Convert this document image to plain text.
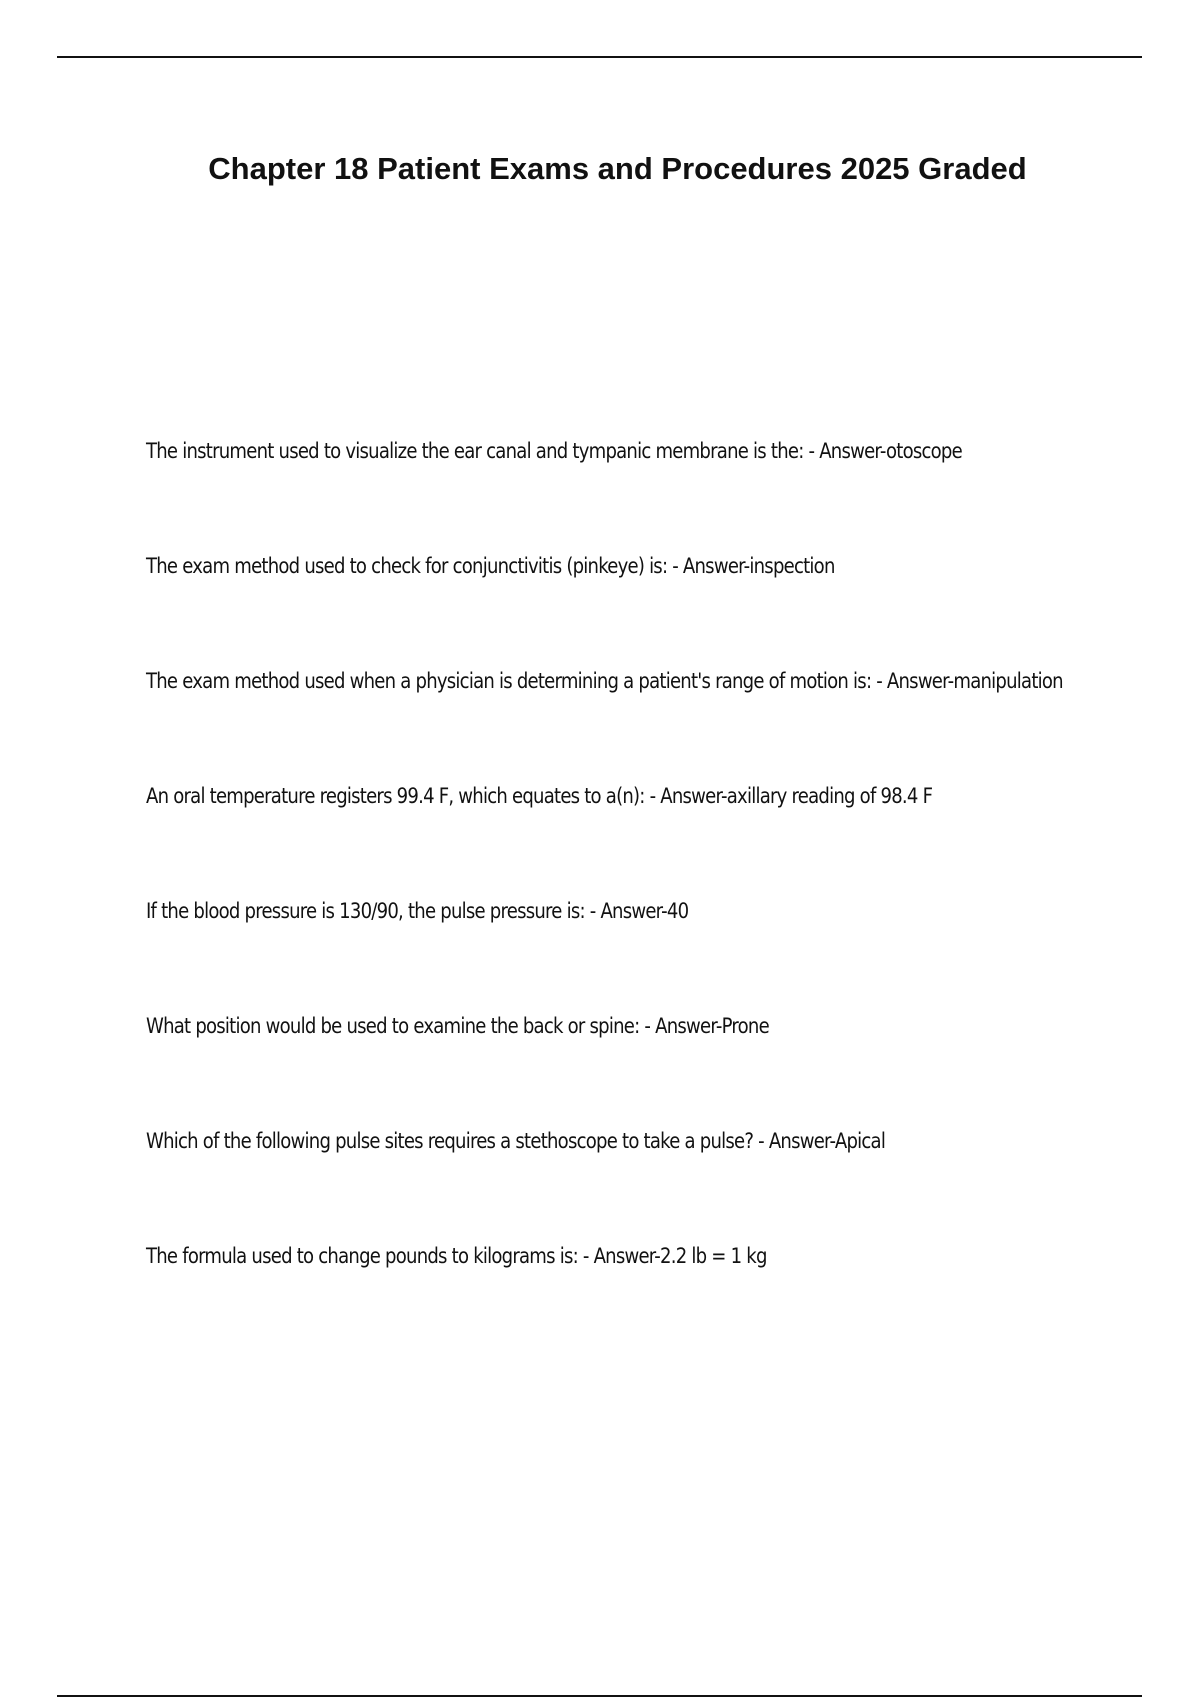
Chapter 18 Patient Exams and Procedures 2025 Graded
The instrument used to visualize the ear canal and tympanic membrane is the: - Answer-otoscope
The exam method used to check for conjunctivitis (pinkeye) is: - Answer-inspection
The exam method used when a physician is determining a patient's range of motion is: - Answer-manipulation
An oral temperature registers 99.4 F, which equates to a(n): - Answer-axillary reading of 98.4 F
If the blood pressure is 130/90, the pulse pressure is: - Answer-40
What position would be used to examine the back or spine: - Answer-Prone
Which of the following pulse sites requires a stethoscope to take a pulse? - Answer-Apical
The formula used to change pounds to kilograms is: - Answer-2.2 lb = 1 kg
